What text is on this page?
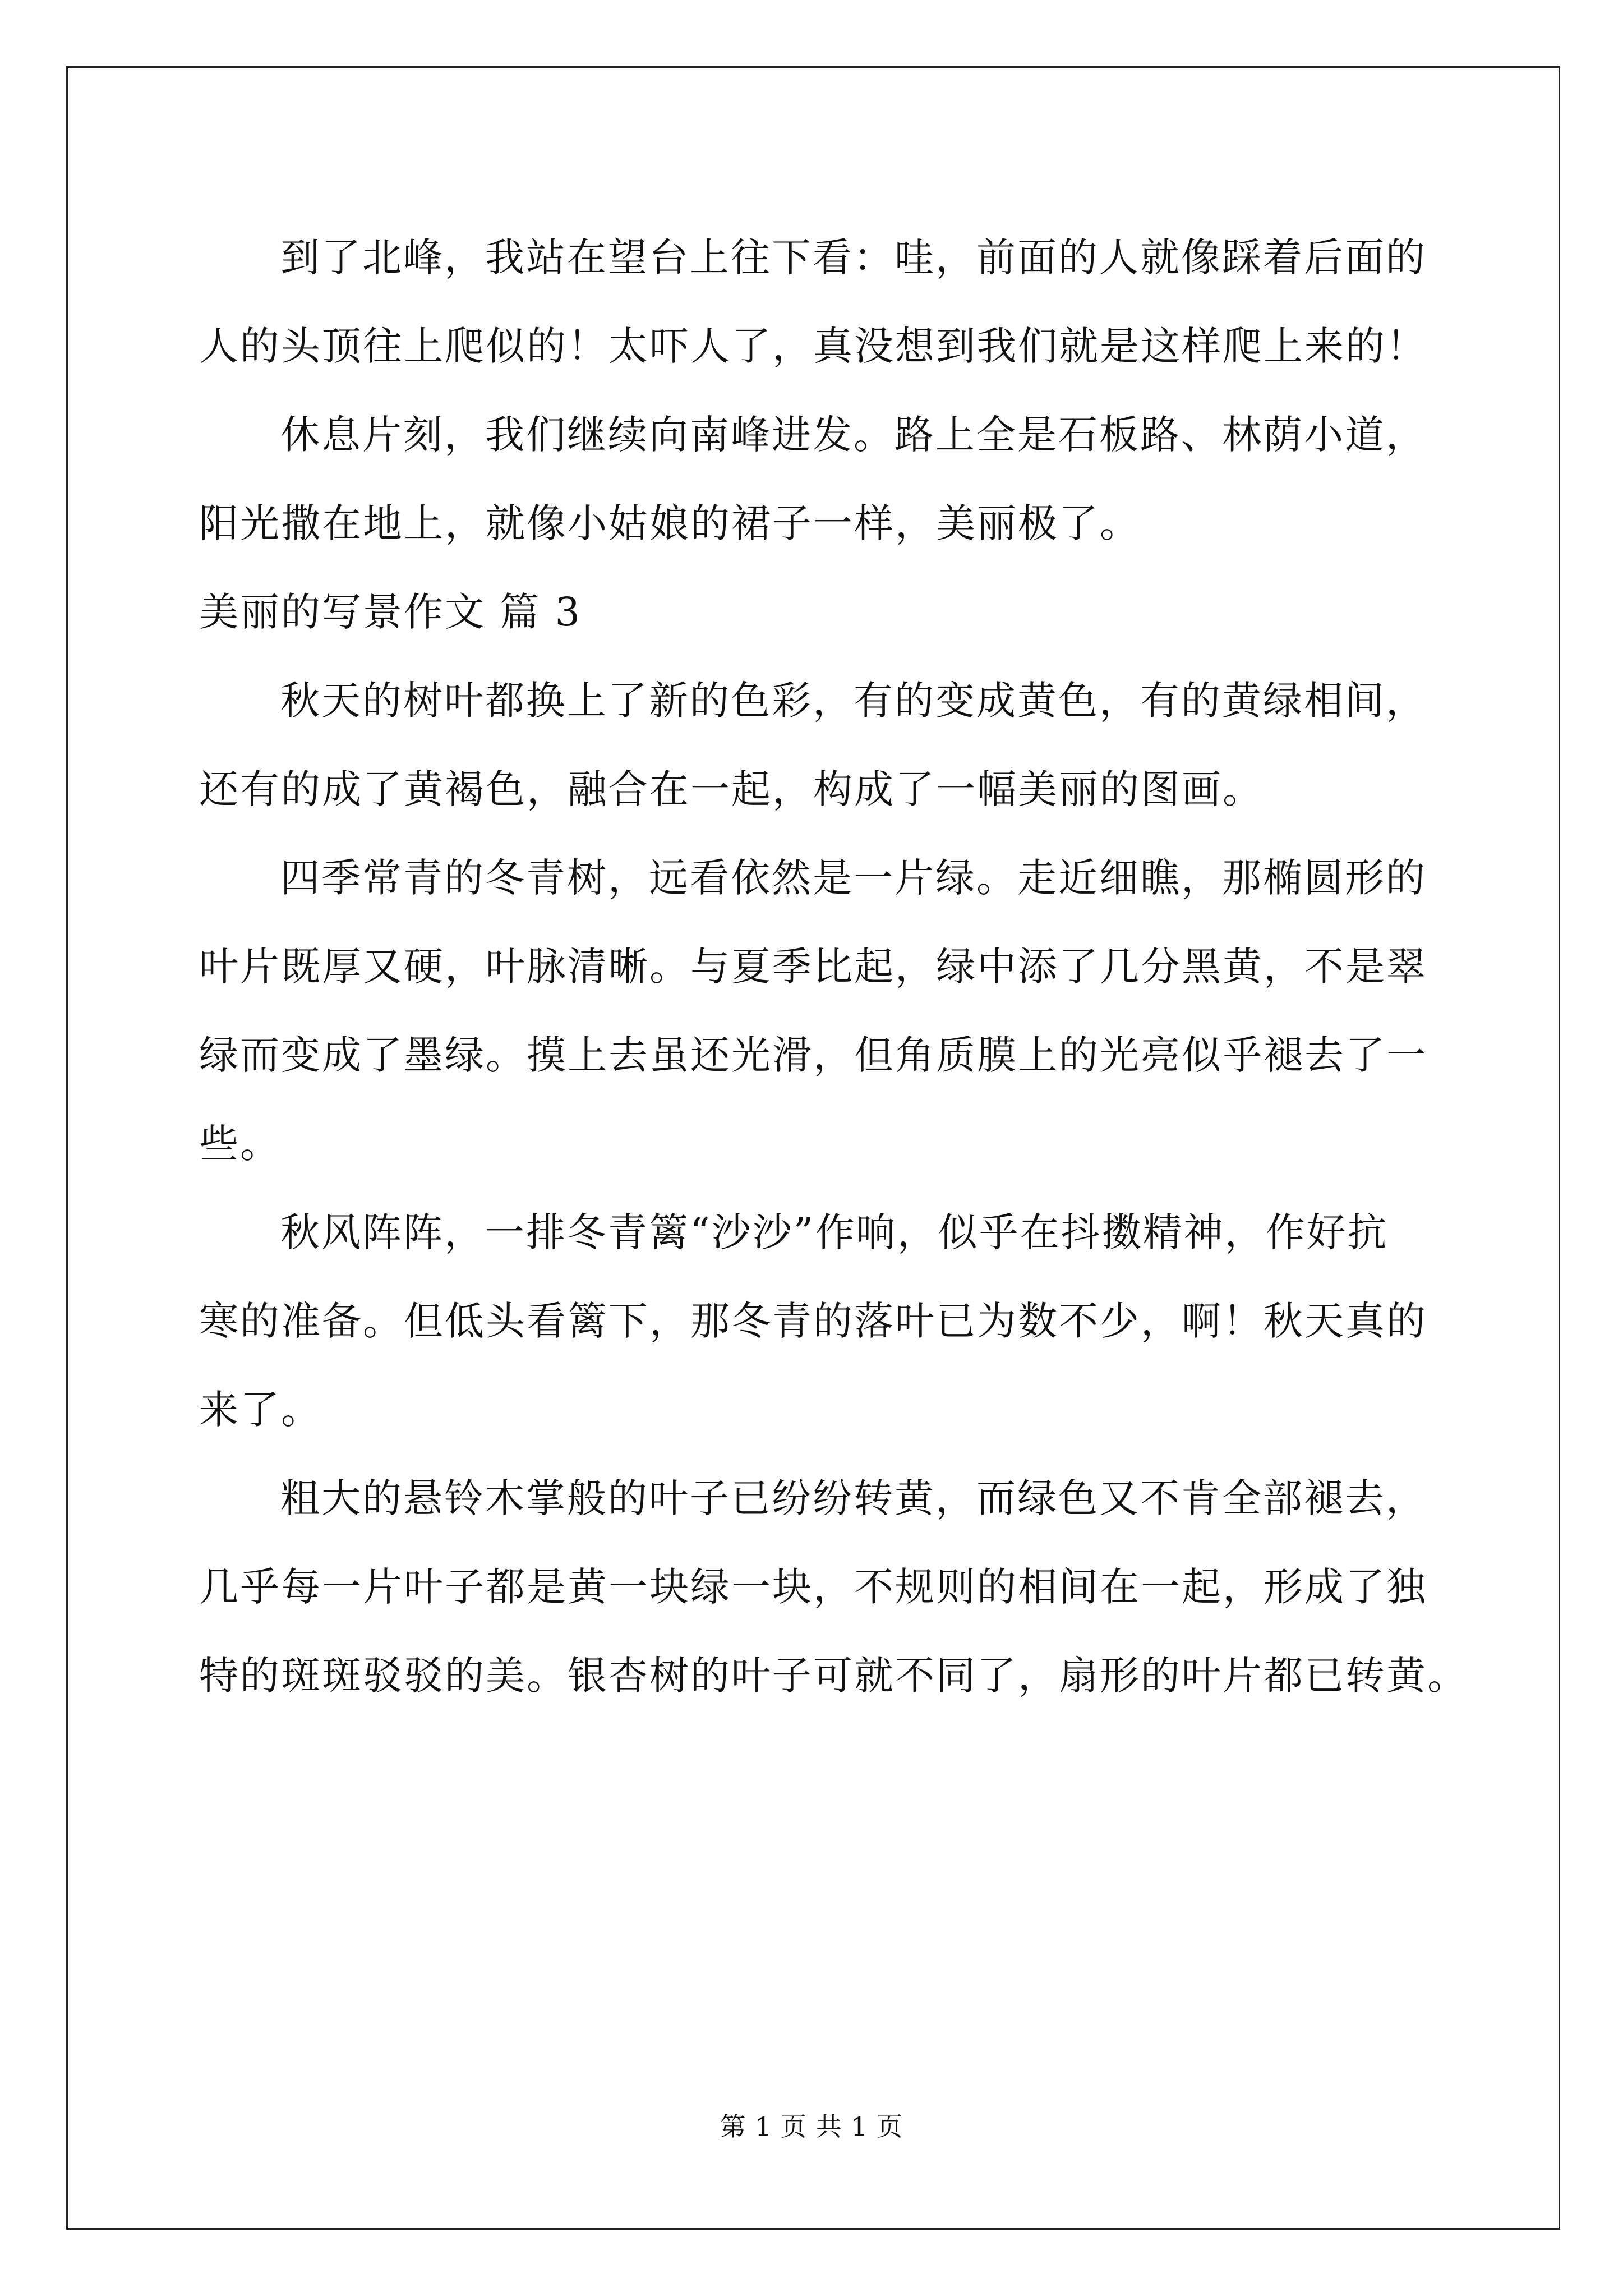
到了北峰，我站在望台上往下看：哇，前面的人就像踩着后面的
人的头顶往上爬似的！太吓人了，真没想到我们就是这样爬上来的！
休息片刻，我们继续向南峰进发。路上全是石板路、林荫小道，
阳光撒在地上，就像小姑娘的裙子一样，美丽极了。
美丽的写景作文 篇 3
秋天的树叶都换上了新的色彩，有的变成黄色，有的黄绿相间，
还有的成了黄褐色，融合在一起，构成了一幅美丽的图画。
四季常青的冬青树，远看依然是一片绿。走近细瞧，那椭圆形的
叶片既厚又硬，叶脉清晰。与夏季比起，绿中添了几分黑黄，不是翠
绿而变成了墨绿。摸上去虽还光滑，但角质膜上的光亮似乎褪去了一
些。
秋风阵阵，一排冬青篱“沙沙”作响，似乎在抖擞精神，作好抗
寒的准备。但低头看篱下，那冬青的落叶已为数不少，啊！秋天真的
来了。
粗大的悬铃木掌般的叶子已纷纷转黄，而绿色又不肯全部褪去，
几乎每一片叶子都是黄一块绿一块，不规则的相间在一起，形成了独
特的斑斑驳驳的美。银杏树的叶子可就不同了，扇形的叶片都已转黄。
第 1 页 共 1 页
